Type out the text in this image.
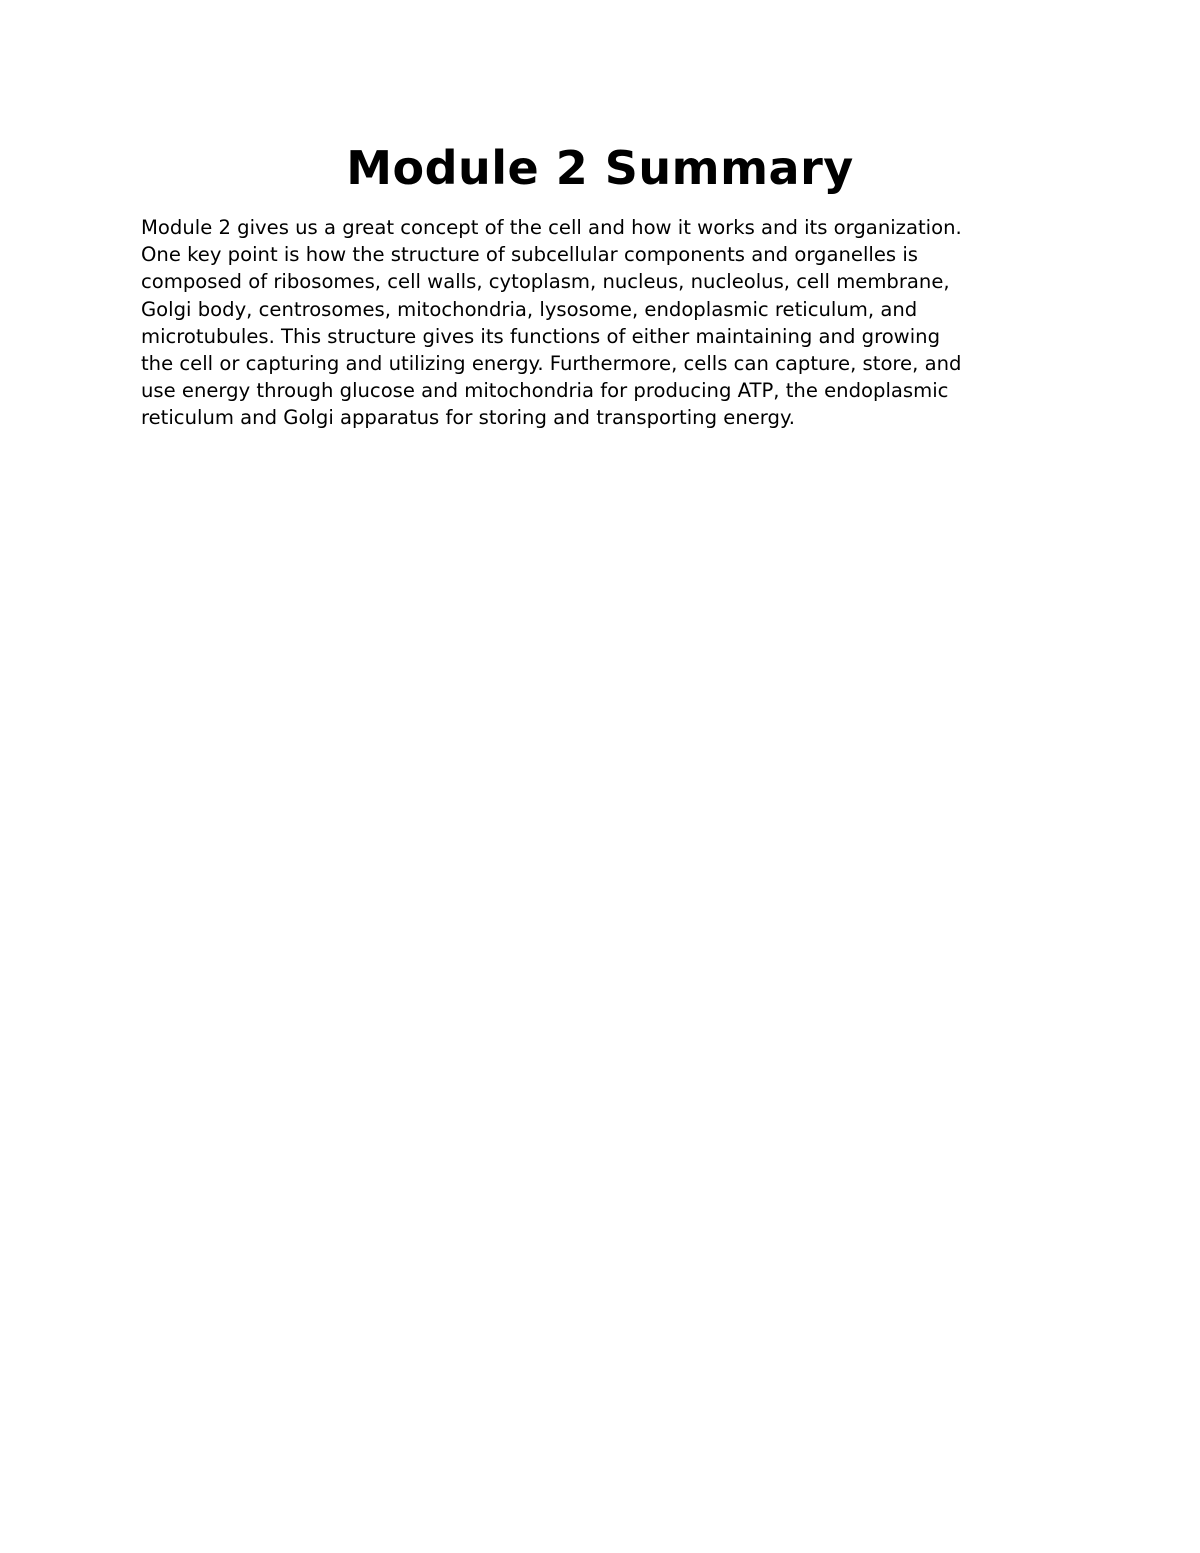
Module 2 Summary

Module 2 gives us a great concept of the cell and how it works and its organization.
One key point is how the structure of subcellular components and organelles is
composed of ribosomes, cell walls, cytoplasm, nucleus, nucleolus, cell membrane,
Golgi body, centrosomes, mitochondria, lysosome, endoplasmic reticulum, and
microtubules. This structure gives its functions of either maintaining and growing
the cell or capturing and utilizing energy. Furthermore, cells can capture, store, and
use energy through glucose and mitochondria for producing ATP, the endoplasmic
reticulum and Golgi apparatus for storing and transporting energy.
